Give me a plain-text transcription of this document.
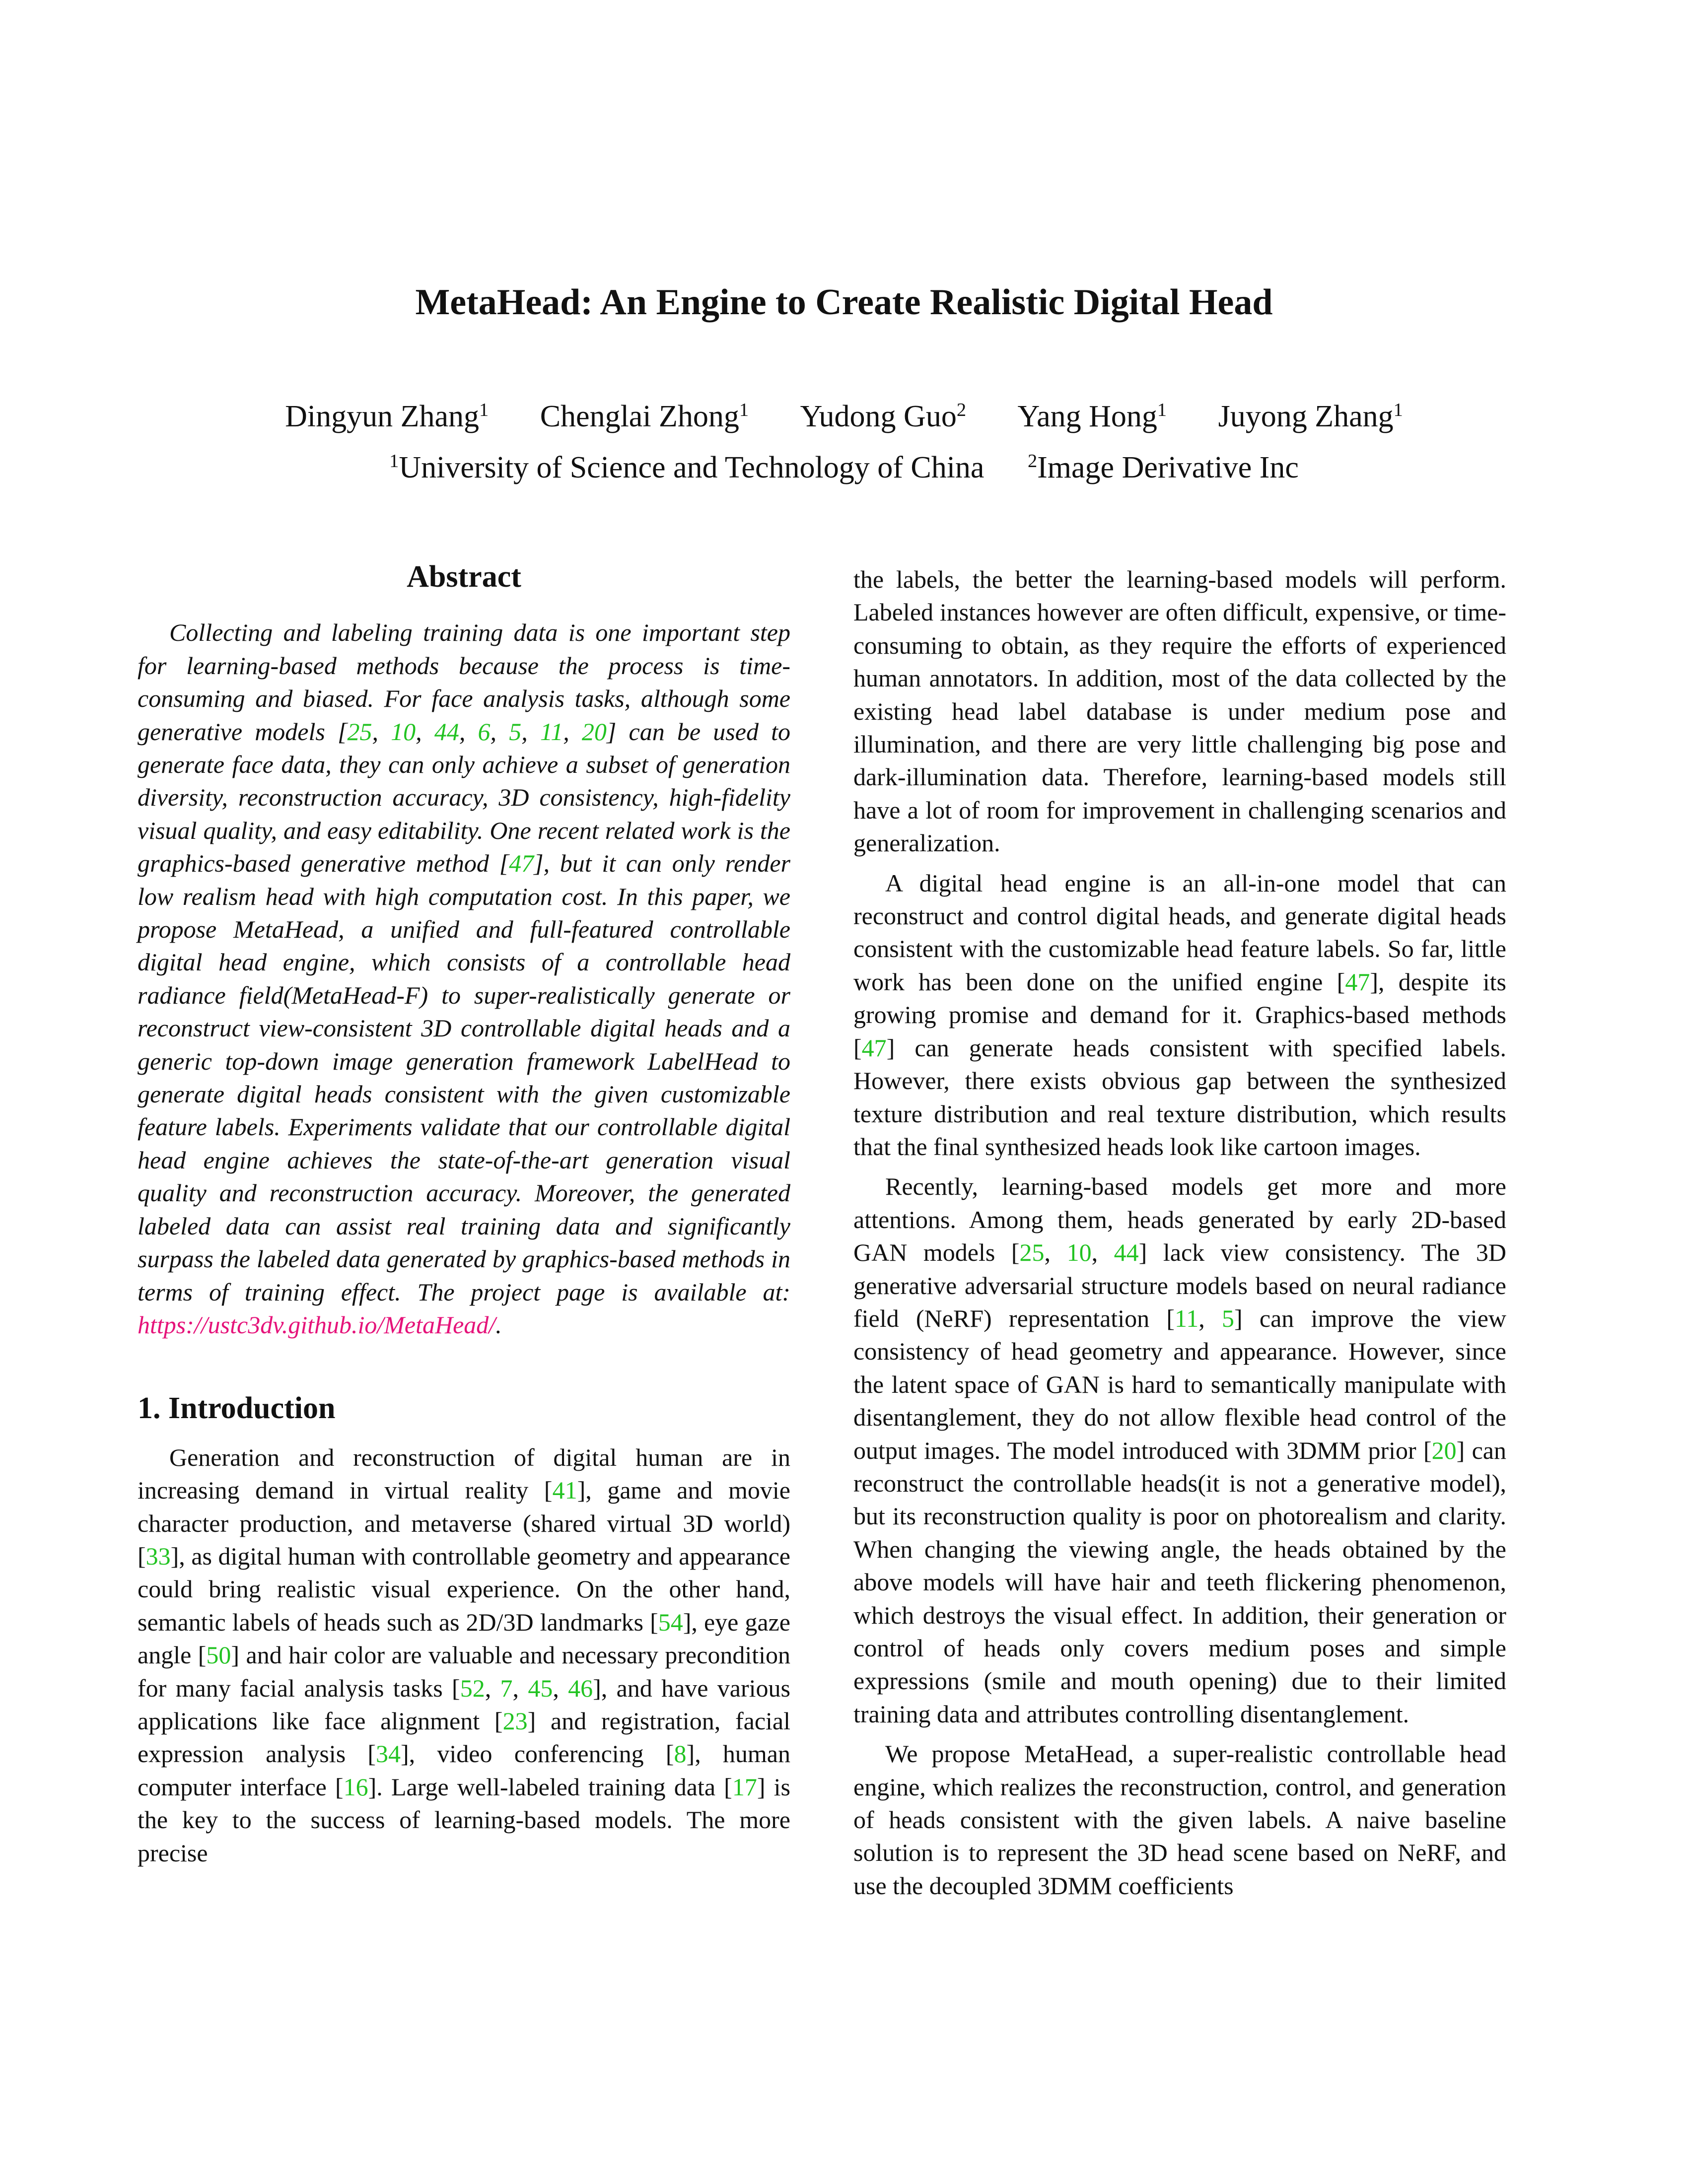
MetaHead: An Engine to Create Realistic Digital Head
Dingyun Zhang$^1$ Chenglai Zhong$^1$ Yudong Guo$^2$ Yang Hong$^1$ Juyong Zhang$^1$
$^1$University of Science and Technology of China $^2$Image Derivative Inc
Abstract

Collecting and labeling training data is one important step for learning-based methods because the process is time-consuming and biased. For face analysis tasks, although some generative models [25, 10, 44, 6, 5, 11, 20] can be used to generate face data, they can only achieve a subset of generation diversity, reconstruction accuracy, 3D consistency, high-fidelity visual quality, and easy editability. One recent related work is the graphics-based generative method [47], but it can only render low realism head with high computation cost. In this paper, we propose MetaHead, a unified and full-featured controllable digital head engine, which consists of a controllable head radiance field(MetaHead-F) to super-realistically generate or reconstruct view-consistent 3D controllable digital heads and a generic top-down image generation framework LabelHead to generate digital heads consistent with the given customizable feature labels. Experiments validate that our controllable digital head engine achieves the state-of-the-art generation visual quality and reconstruction accuracy. Moreover, the generated labeled data can assist real training data and significantly surpass the labeled data generated by graphics-based methods in terms of training effect. The project page is available at: https://ustc3dv.github.io/MetaHead/.

1. Introduction

Generation and reconstruction of digital human are in increasing demand in virtual reality [41], game and movie character production, and metaverse (shared virtual 3D world) [33], as digital human with controllable geometry and appearance could bring realistic visual experience. On the other hand, semantic labels of heads such as 2D/3D landmarks [54], eye gaze angle [50] and hair color are valuable and necessary precondition for many facial analysis tasks [52, 7, 45, 46], and have various applications like face alignment [23] and registration, facial expression analysis [34], video conferencing [8], human computer interface [16]. Large well-labeled training data [17] is the key to the success of learning-based models. The more precise

the labels, the better the learning-based models will perform. Labeled instances however are often difficult, expensive, or time-consuming to obtain, as they require the efforts of experienced human annotators. In addition, most of the data collected by the existing head label database is under medium pose and illumination, and there are very little challenging big pose and dark-illumination data. Therefore, learning-based models still have a lot of room for improvement in challenging scenarios and generalization.

A digital head engine is an all-in-one model that can reconstruct and control digital heads, and generate digital heads consistent with the customizable head feature labels. So far, little work has been done on the unified engine [47], despite its growing promise and demand for it. Graphics-based methods [47] can generate heads consistent with specified labels. However, there exists obvious gap between the synthesized texture distribution and real texture distribution, which results that the final synthesized heads look like cartoon images.

Recently, learning-based models get more and more attentions. Among them, heads generated by early 2D-based GAN models [25, 10, 44] lack view consistency. The 3D generative adversarial structure models based on neural radiance field (NeRF) representation [11, 5] can improve the view consistency of head geometry and appearance. However, since the latent space of GAN is hard to semantically manipulate with disentanglement, they do not allow flexible head control of the output images. The model introduced with 3DMM prior [20] can reconstruct the controllable heads(it is not a generative model), but its reconstruction quality is poor on photorealism and clarity. When changing the viewing angle, the heads obtained by the above models will have hair and teeth flickering phenomenon, which destroys the visual effect. In addition, their generation or control of heads only covers medium poses and simple expressions (smile and mouth opening) due to their limited training data and attributes controlling disentanglement.

We propose MetaHead, a super-realistic controllable head engine, which realizes the reconstruction, control, and generation of heads consistent with the given labels. A naive baseline solution is to represent the 3D head scene based on NeRF, and use the decoupled 3DMM coefficients
